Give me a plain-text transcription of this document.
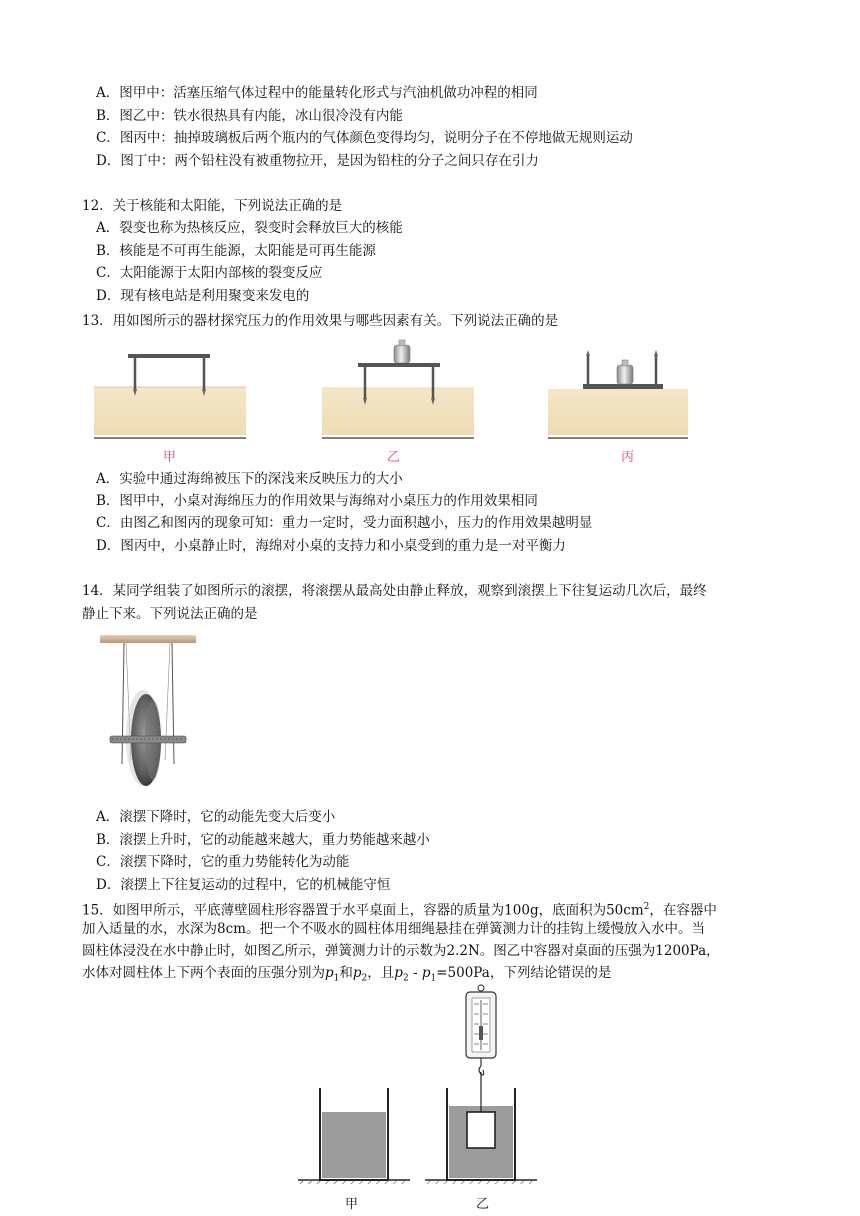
A．图甲中：活塞压缩气体过程中的能量转化形式与汽油机做功冲程的相同
B．图乙中：铁水很热具有内能，冰山很冷没有内能
C．图丙中：抽掉玻璃板后两个瓶内的气体颜色变得均匀，说明分子在不停地做无规则运动
D．图丁中：两个铅柱没有被重物拉开，是因为铅柱的分子之间只存在引力
12．关于核能和太阳能，下列说法正确的是
A．裂变也称为热核反应，裂变时会释放巨大的核能
B．核能是不可再生能源，太阳能是可再生能源
C．太阳能源于太阳内部核的裂变反应
D．现有核电站是利用聚变来发电的
13．用如图所示的器材探究压力的作用效果与哪些因素有关。下列说法正确的是
甲	乙	丙
A．实验中通过海绵被压下的深浅来反映压力的大小
B．图甲中，小桌对海绵压力的作用效果与海绵对小桌压力的作用效果相同
C．由图乙和图丙的现象可知：重力一定时，受力面积越小，压力的作用效果越明显
D．图丙中，小桌静止时，海绵对小桌的支持力和小桌受到的重力是一对平衡力
14．某同学组装了如图所示的滚摆，将滚摆从最高处由静止释放，观察到滚摆上下往复运动几次后，最终
静止下来。下列说法正确的是
A．滚摆下降时，它的动能先变大后变小
B．滚摆上升时，它的动能越来越大，重力势能越来越小
C．滚摆下降时，它的重力势能转化为动能
D．滚摆上下往复运动的过程中，它的机械能守恒
15．如图甲所示，平底薄壁圆柱形容器置于水平桌面上，容器的质量为100g，底面积为$50cm^2$，在容器中
加入适量的水，水深为8cm。把一个不吸水的圆柱体用细绳悬挂在弹簧测力计的挂钩上缓慢放入水中。当
圆柱体浸没在水中静止时，如图乙所示，弹簧测力计的示数为2.2N。图乙中容器对桌面的压强为1200Pa，
水体对圆柱体上下两个表面的压强分别为$p_1$和$p_2$，且$p_2 - p_1=500Pa$，下列结论错误的是
甲	乙
